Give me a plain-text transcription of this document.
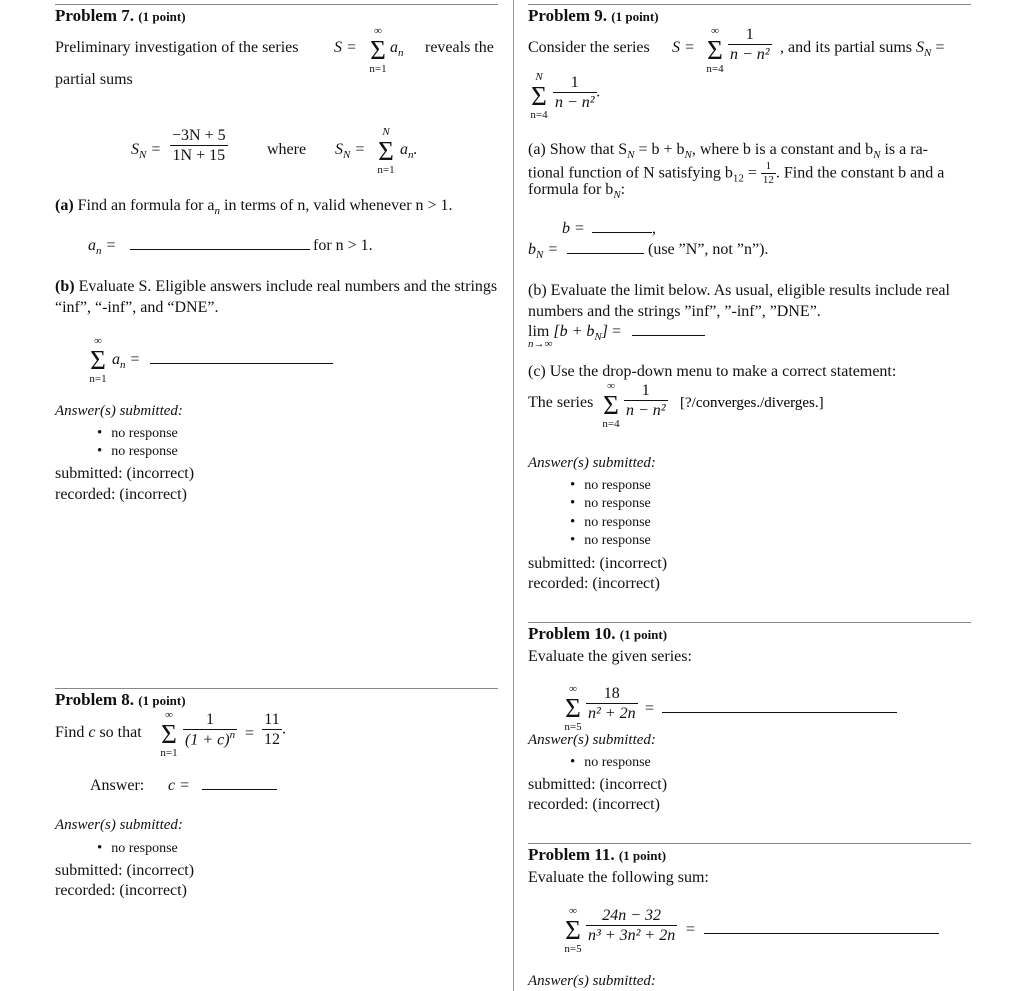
Problem 7. (1 point)
Preliminary investigation of the series S =
∞
Σ
n=1
$a_n$ reveals the
partial sums
$S_N = \frac{-3N + 5}{1N + 15}$ where $S_N$ =
N
Σ
n=1
$a_n$.
(a) Find an formula for $a_n$ in terms of n, valid whenever n > 1.
$a_n$ =	for n > 1.
(b) Evaluate S. Eligible answers include real numbers and the strings “inf”, “-inf”, and “DNE”.
∞
Σ
n=1
$a_n$ =
Answer(s) submitted:
• no response
• no response
submitted: (incorrect)
recorded: (incorrect)
Problem 8. (1 point)
Find c so that
∞
Σ
n=1
$\frac{1}{(1 + c)^n} = \frac{11}{12}$ .
Answer: c =
Answer(s) submitted:
• no response
submitted: (incorrect)
recorded: (incorrect)
Problem 9. (1 point)
Consider the series S =
∞
Σ
n=4
$\frac{1}{\text{n − n²}}$ , and its partial sums $S_N$ =
N
Σ
n=4
$\frac{1}{\text{n − n²}}$ .
(a) Show that $S_N = b + b_N$, where b is a constant and $b_N$ is a ra-
tional function of N satisfying $b_{12} = \frac{1}{12}$ . Find the constant b and a
formula for $b_N$:
b =	,
$b_N$ =	(use ”N”, not ”n”).
(b) Evaluate the limit below. As usual, eligible results include real numbers and the strings ”inf”, ”-inf”, ”DNE”.
$\lim [b + b_N]$ =
n→∞
(c) Use the drop-down menu to make a correct statement:
The series
∞
Σ
n=4
$\frac{1}{\text{n − n²}}$
[?/converges./diverges.]
Answer(s) submitted:
• no response
• no response
• no response
• no response
submitted: (incorrect)
recorded: (incorrect)
Problem 10. (1 point)
Evaluate the given series:
∞
Σ
n=5
$\frac{18}{\text{n² + 2n}}$ =
Answer(s) submitted:
• no response
submitted: (incorrect)
recorded: (incorrect)
Problem 11. (1 point)
Evaluate the following sum:
∞
Σ
n=5
$\frac{24n - 32}{\text{n³ + 3n² + 2n}}$ =
Answer(s) submitted:
